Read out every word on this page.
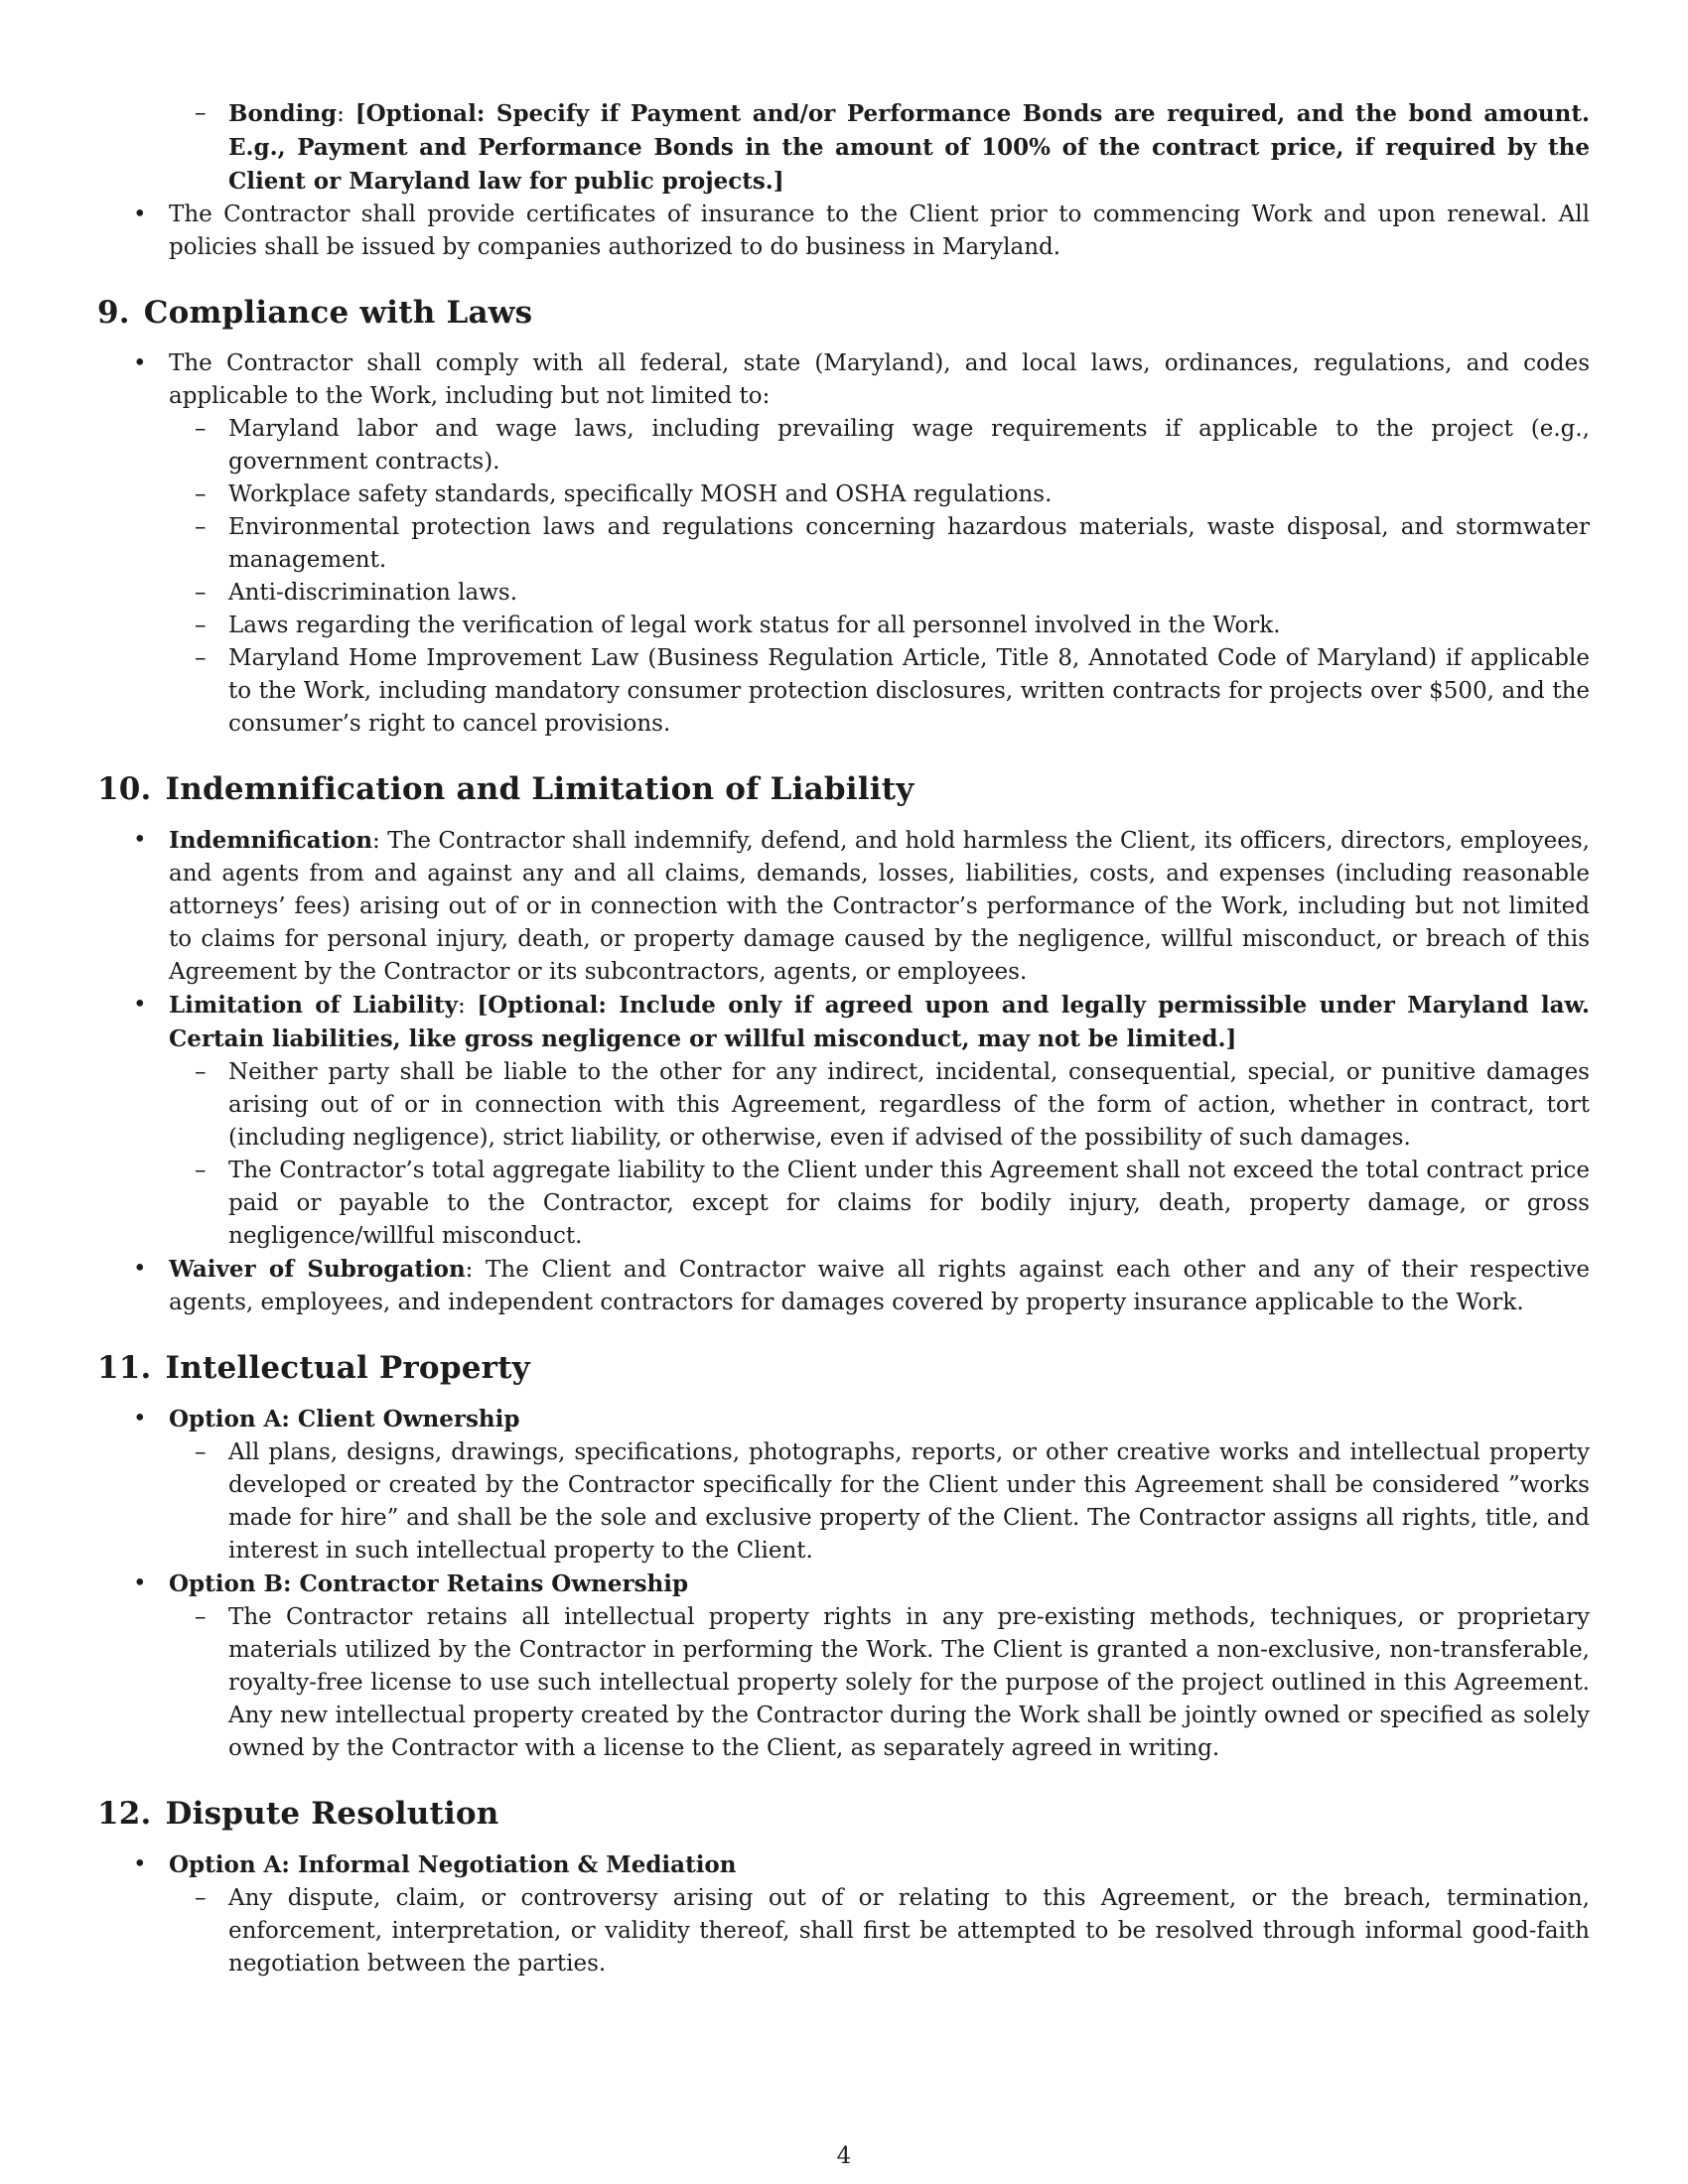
– Bonding: [Optional: Specify if Payment and/or Performance Bonds are required, and the bond amount. E.g., Payment and Performance Bonds in the amount of 100% of the contract price, if required by the Client or Maryland law for public projects.]

• The Contractor shall provide certificates of insurance to the Client prior to commencing Work and upon renewal. All policies shall be issued by companies authorized to do business in Maryland.

9. Compliance with Laws
• The Contractor shall comply with all federal, state (Maryland), and local laws, ordinances, regulations, and codes applicable to the Work, including but not limited to:

– Maryland labor and wage laws, including prevailing wage requirements if applicable to the project (e.g., government contracts).

– Workplace safety standards, specifically MOSH and OSHA regulations.

– Environmental protection laws and regulations concerning hazardous materials, waste disposal, and stormwater management.

– Anti-discrimination laws.

– Laws regarding the verification of legal work status for all personnel involved in the Work.

– Maryland Home Improvement Law (Business Regulation Article, Title 8, Annotated Code of Maryland) if applicable to the Work, including mandatory consumer protection disclosures, written contracts for projects over $500, and the consumer’s right to cancel provisions.

10. Indemnification and Limitation of Liability
• Indemnification: The Contractor shall indemnify, defend, and hold harmless the Client, its officers, directors, employees, and agents from and against any and all claims, demands, losses, liabilities, costs, and expenses (including reasonable attorneys’ fees) arising out of or in connection with the Contractor’s performance of the Work, including but not limited to claims for personal injury, death, or property damage caused by the negligence, willful misconduct, or breach of this Agreement by the Contractor or its subcontractors, agents, or employees.

• Limitation of Liability: [Optional: Include only if agreed upon and legally permissible under Maryland law. Certain liabilities, like gross negligence or willful misconduct, may not be limited.]

– Neither party shall be liable to the other for any indirect, incidental, consequential, special, or punitive damages arising out of or in connection with this Agreement, regardless of the form of action, whether in contract, tort (including negligence), strict liability, or otherwise, even if advised of the possibility of such damages.

– The Contractor’s total aggregate liability to the Client under this Agreement shall not exceed the total contract price paid or payable to the Contractor, except for claims for bodily injury, death, property damage, or gross negligence/willful misconduct.

• Waiver of Subrogation: The Client and Contractor waive all rights against each other and any of their respective agents, employees, and independent contractors for damages covered by property insurance applicable to the Work.

11. Intellectual Property
• Option A: Client Ownership

– All plans, designs, drawings, specifications, photographs, reports, or other creative works and intellectual property developed or created by the Contractor specifically for the Client under this Agreement shall be considered ”works made for hire” and shall be the sole and exclusive property of the Client. The Contractor assigns all rights, title, and interest in such intellectual property to the Client.

• Option B: Contractor Retains Ownership

– The Contractor retains all intellectual property rights in any pre-existing methods, techniques, or proprietary materials utilized by the Contractor in performing the Work. The Client is granted a non-exclusive, non-transferable, royalty-free license to use such intellectual property solely for the purpose of the project outlined in this Agreement. Any new intellectual property created by the Contractor during the Work shall be jointly owned or specified as solely owned by the Contractor with a license to the Client, as separately agreed in writing.

12. Dispute Resolution
• Option A: Informal Negotiation & Mediation

– Any dispute, claim, or controversy arising out of or relating to this Agreement, or the breach, termination, enforcement, interpretation, or validity thereof, shall first be attempted to be resolved through informal good-faith negotiation between the parties.

4
